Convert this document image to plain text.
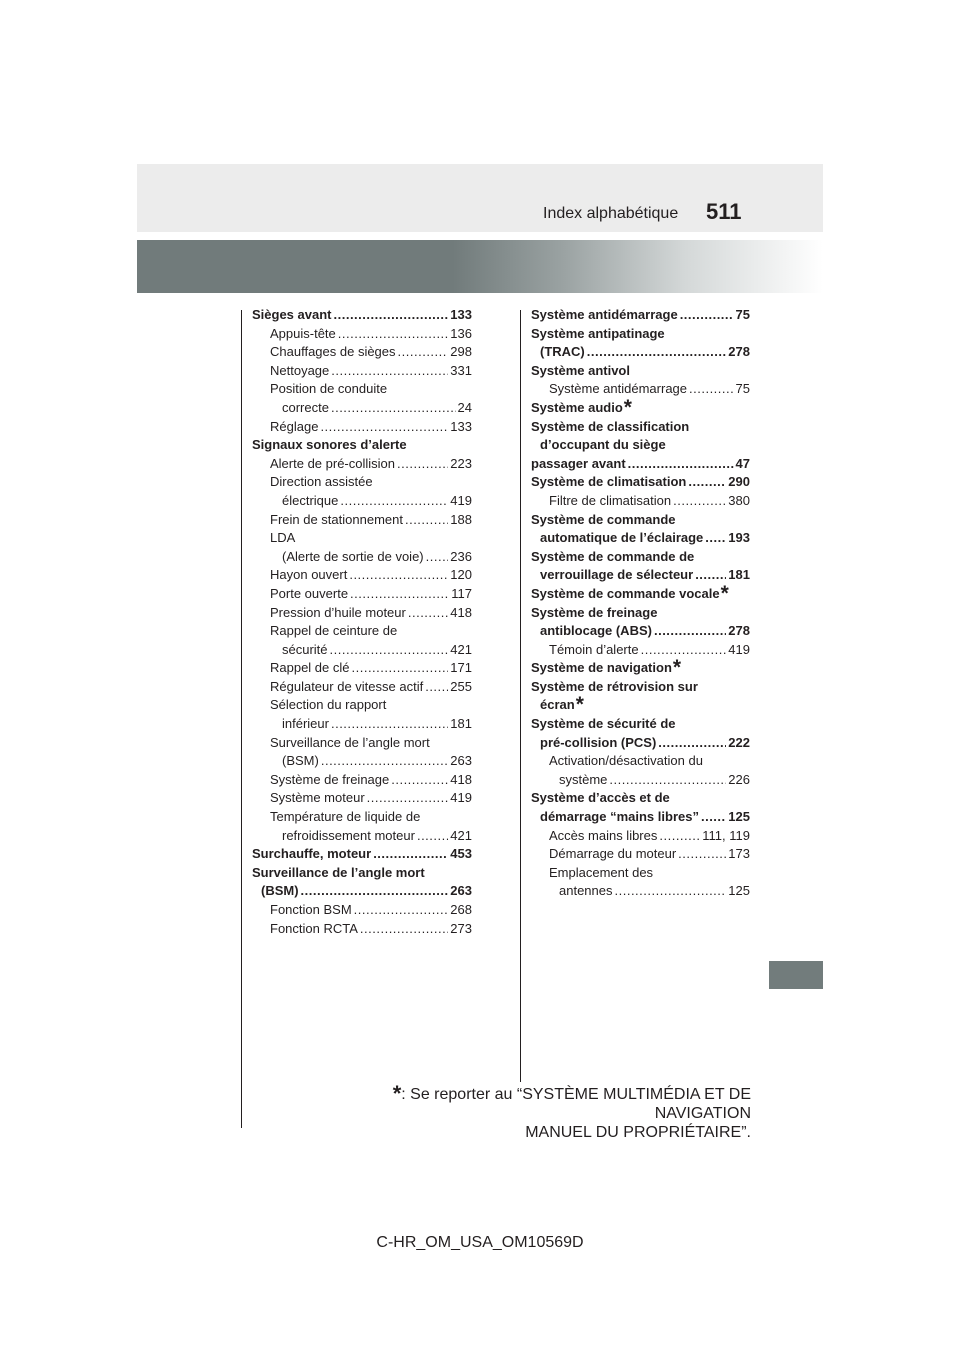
Index alphabétique 511
Sièges avant .....	133
Appuis-tête .....	136
Chauffages de sièges .....	298
Nettoyage .....	331
Position de conduite
correcte .....	24
Réglage .....	133
Signaux sonores d’alerte
Alerte de pré-collision .....	223
Direction assistée
électrique .....	419
Frein de stationnement .....	188
LDA
(Alerte de sortie de voie) ..... 236
Hayon ouvert .....	120
Porte ouverte .....	117
Pression d’huile moteur .....	418
Rappel de ceinture de
sécurité .....	421
Rappel de clé .....	171
Régulateur de vitesse actif ..... 255
Sélection du rapport
inférieur .....	181
Surveillance de l’angle mort
(BSM) .....	263
Système de freinage .....	418
Système moteur .....	419
Température de liquide de
refroidissement moteur .....	421
Surchauffe, moteur .....	453
Surveillance de l’angle mort
(BSM) .....	263
Fonction BSM .....	268
Fonction RCTA .....	273
Système antidémarrage .....	75
Système antipatinage
(TRAC) .....	278
Système antivol
Système antidémarrage .....	75
Système audio *
Système de classification
d’occupant du siège
passager avant .....	47
Système de climatisation .....	290
Filtre de climatisation .....	380
Système de commande
automatique de l’éclairage ..... 193
Système de commande de
verrouillage de sélecteur .....	181
Système de commande vocale *
Système de freinage
antiblocage (ABS) .....	278
Témoin d’alerte .....	419
Système de navigation *
Système de rétrovision sur
écran *
Système de sécurité de
pré-collision (PCS) .....	222
Activation/désactivation du
système .....	226
Système d’accès et de
démarrage “mains libres” ..... 125
Accès mains libres .....	111, 119
Démarrage du moteur .....	173
Emplacement des
antennes .....	125
*: Se reporter au “SYSTÈME MULTIMÉDIA ET DE NAVIGATION
MANUEL DU PROPRIÉTAIRE”.
C-HR_OM_USA_OM10569D
